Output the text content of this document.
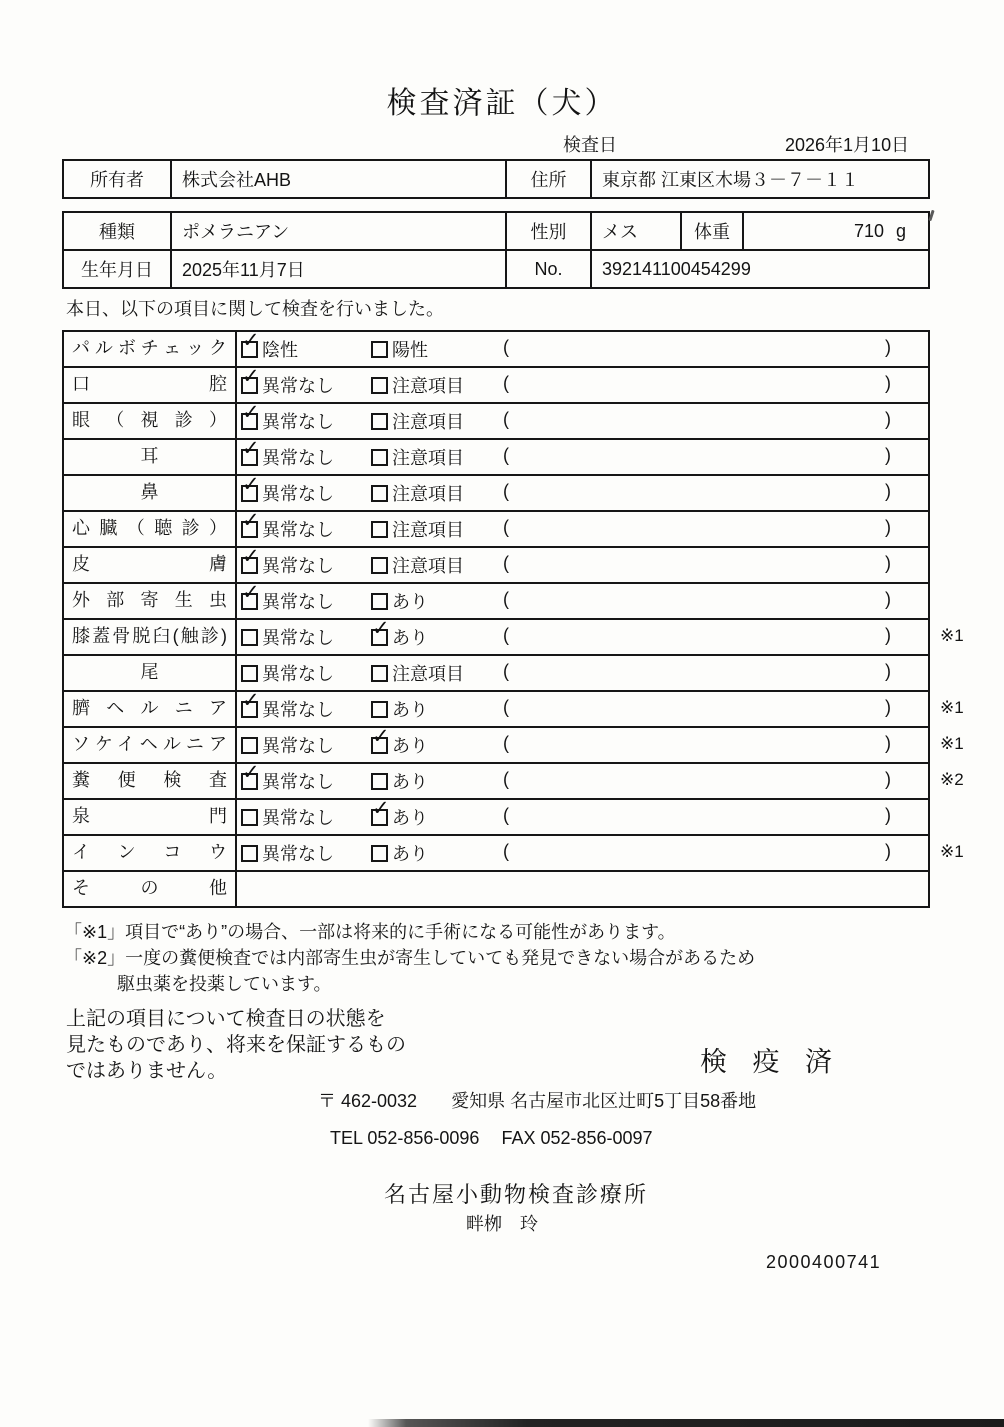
検査済証（犬）
検査日	2026年1月10日
所有者	株式会社AHB	住所	東京都 江東区木場３－７－１１
種類	ポメラニアン	性別	メス	体重	710 g
生年月日	2025年11月7日	No.	392141100454299
本日、以下の項目に関して検査を行いました。
パルボチェック ✓ 陰性	陽性	(	)
口腔 ✓ 異常なし	注意項目 (	)
眼（視診） ✓ 異常なし	注意項目 (	)
耳	✓ 異常なし	注意項目 (	)
鼻	✓ 異常なし	注意項目 (	)
心臓（聴診） ✓ 異常なし	注意項目 (	)
皮膚 ✓ 異常なし	注意項目 (	)
外部寄生虫 ✓ 異常なし	あり	(	)
膝蓋骨脱臼(触診)	異常なし ✓ あり	(	)	※1
尾	異常なし	注意項目 (	)
臍ヘルニア ✓ 異常なし	あり	(	)	※1
ソケイヘルニア	異常なし ✓ あり	(	)	※1
糞便検査 ✓ 異常なし	あり	(	)	※2
泉門	異常なし ✓ あり	(	)
インコウ	異常なし	あり	(	)	※1
その他
「※1」項目で“あり”の場合、一部は将来的に手術になる可能性があります。
「※2」一度の糞便検査では内部寄生虫が寄生していても発見できない場合があるため
駆虫薬を投薬しています。
上記の項目について検査日の状態を
見たものであり、将来を保証するもの
ではありません。	検 疫 済
〒 462-0032 愛知県 名古屋市北区辻町5丁目58番地
TEL 052-856-0096 FAX 052-856-0097
名古屋小動物検査診療所
畔栁　玲
2000400741
